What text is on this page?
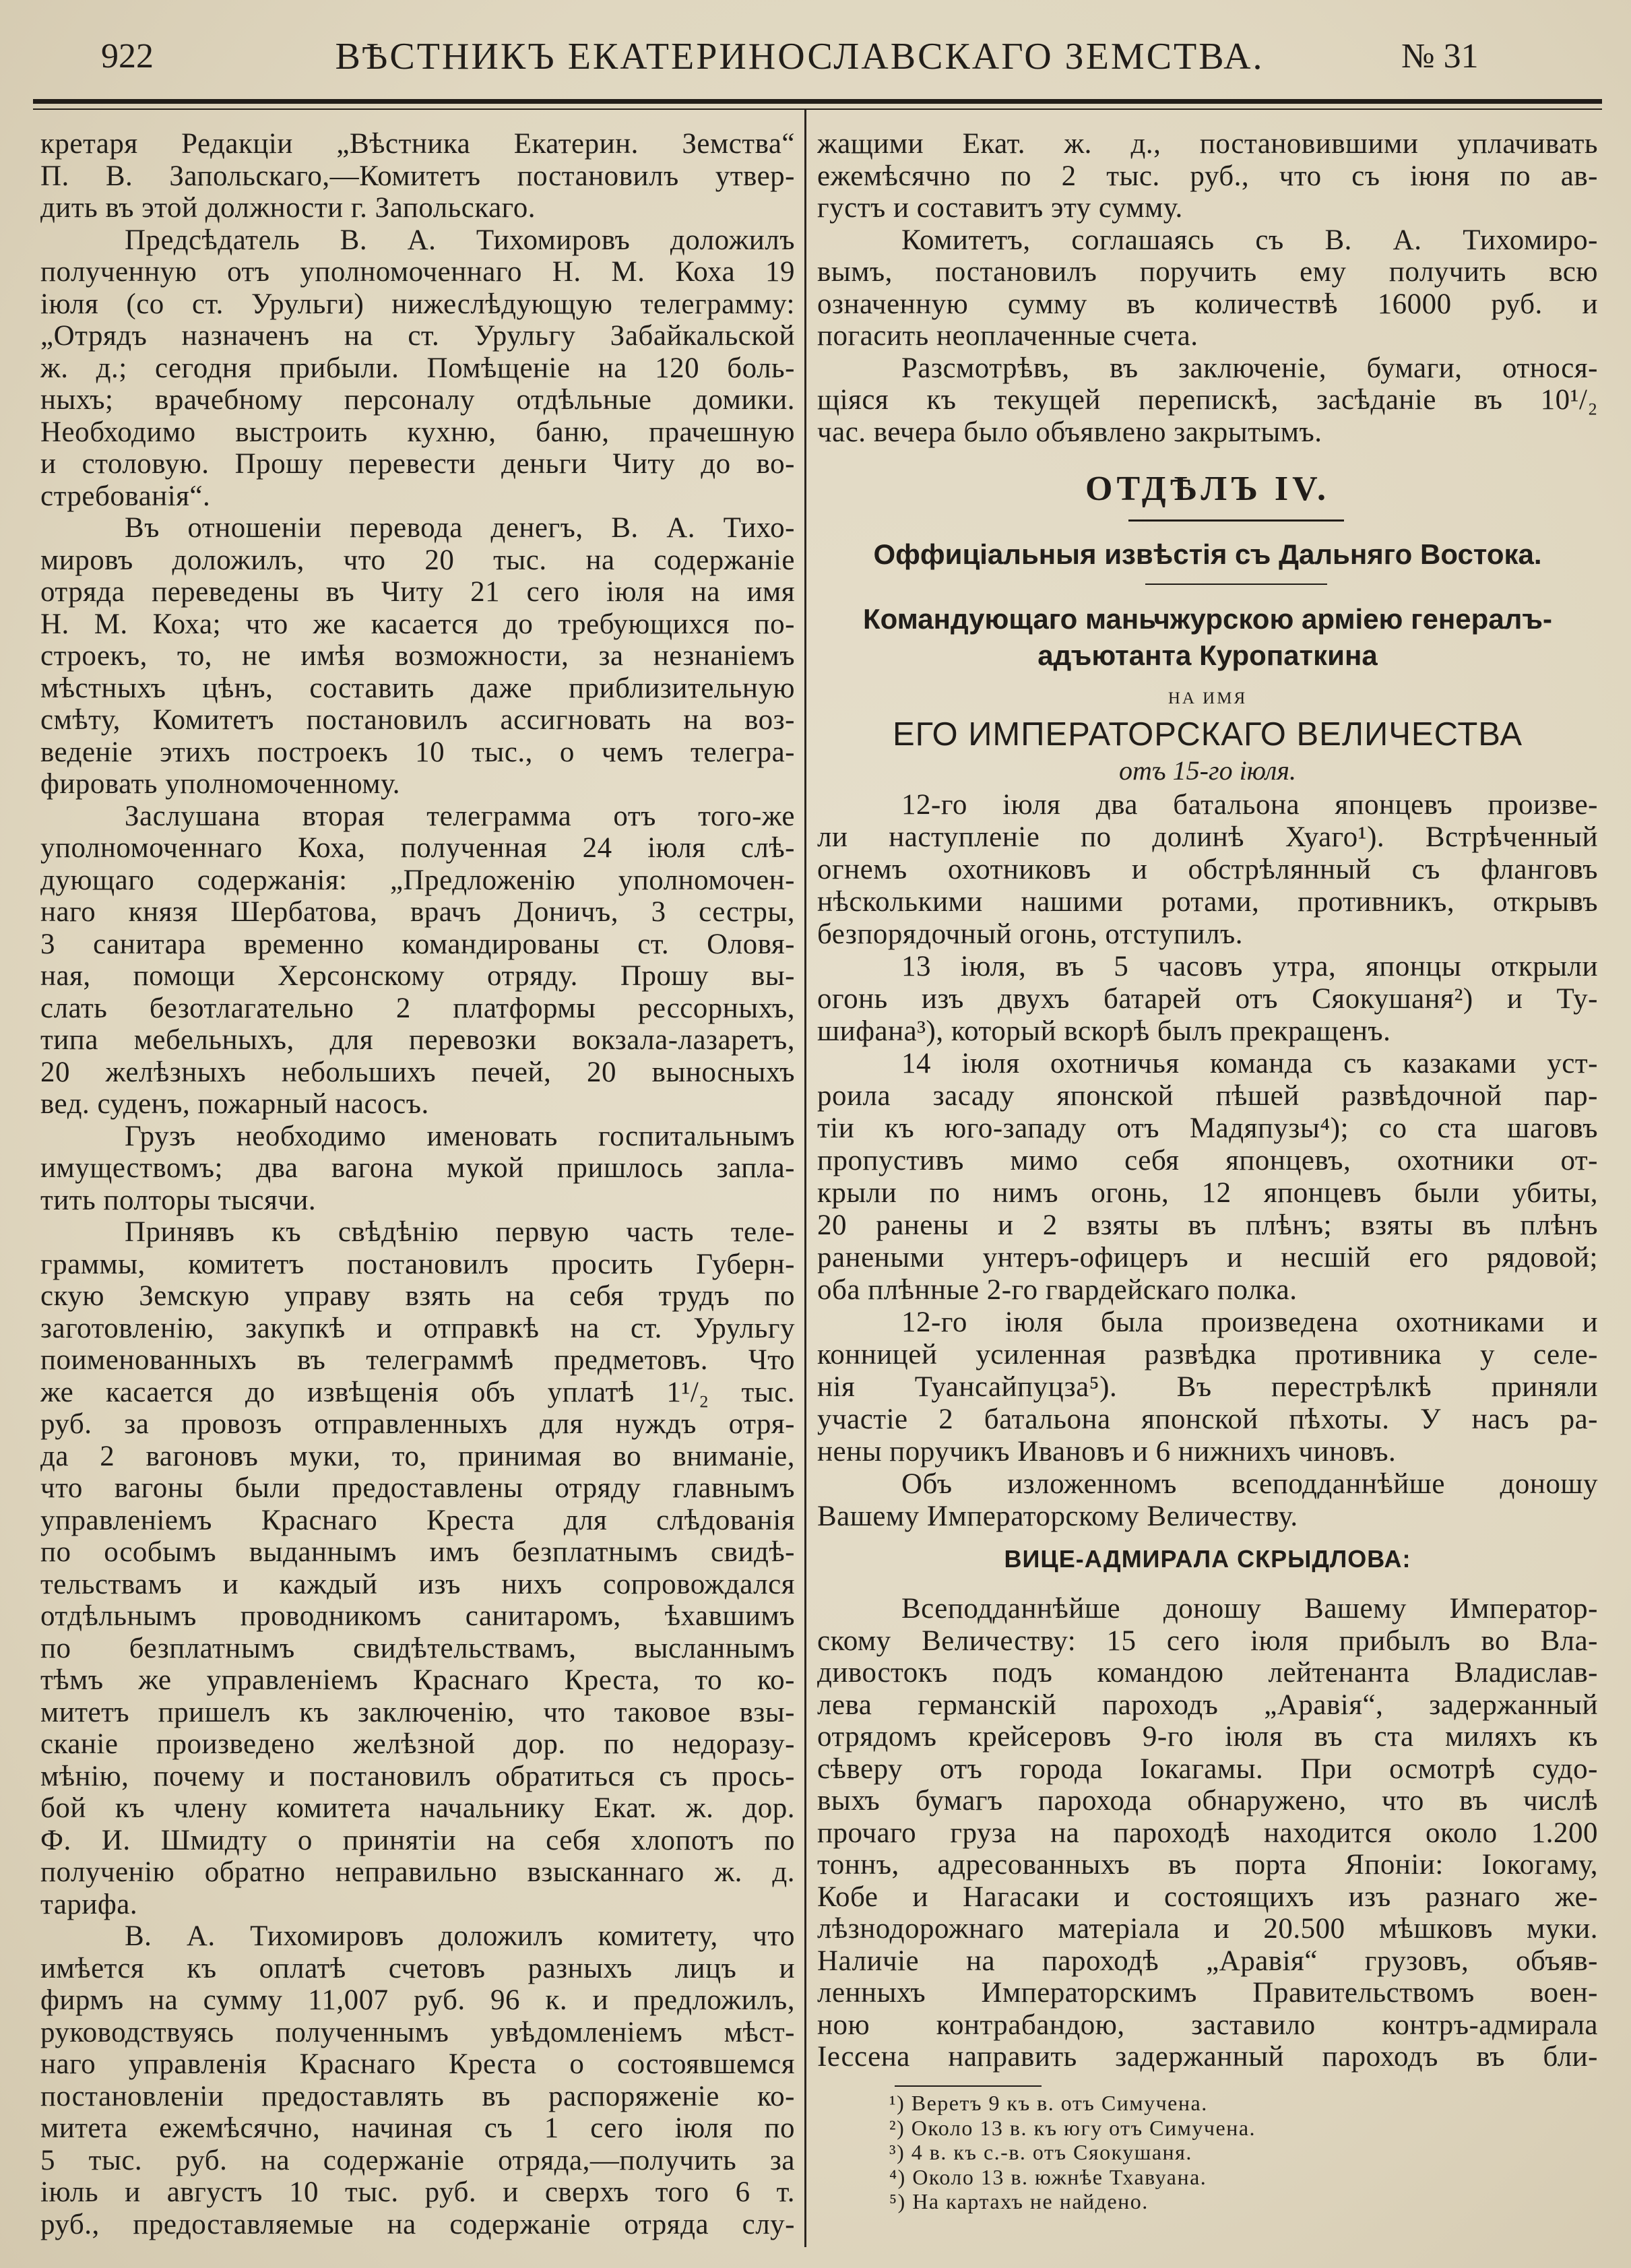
922	ВѢСТНИКЪ ЕКАТЕРИНОСЛАВСКАГО ЗЕМСТВА.	№ 31
кретаря Редакціи „Вѣстника Екатерин. Земства“
П. В. Запольскаго,—Комитетъ постановилъ утвер-
дить въ этой должности г. Запольскаго.
Предсѣдатель В. А. Тихомировъ доложилъ
полученную отъ уполномоченнаго Н. М. Коха 19
іюля (со ст. Урульги) нижеслѣдующую телеграмму:
„Отрядъ назначенъ на ст. Урульгу Забайкальской
ж. д.; сегодня прибыли. Помѣщеніе на 120 боль-
ныхъ; врачебному персоналу отдѣльные домики.
Необходимо выстроить кухню, баню, прачешную
и столовую. Прошу перевести деньги Читу до во-
стребованія“.
Въ отношеніи перевода денегъ, В. А. Тихо-
мировъ доложилъ, что 20 тыс. на содержаніе
отряда переведены въ Читу 21 сего іюля на имя
Н. М. Коха; что же касается до требующихся по-
строекъ, то, не имѣя возможности, за незнаніемъ
мѣстныхъ цѣнъ, составить даже приблизительную
смѣту, Комитетъ постановилъ ассигновать на воз-
веденіе этихъ построекъ 10 тыс., о чемъ телегра-
фировать уполномоченному.
Заслушана вторая телеграмма отъ того-же
уполномоченнаго Коха, полученная 24 іюля слѣ-
дующаго содержанія: „Предложенію уполномочен-
наго князя Шербатова, врачъ Доничъ, 3 сестры,
3 санитара временно командированы ст. Оловя-
ная, помощи Херсонскому отряду. Прошу вы-
слать безотлагательно 2 платформы рессорныхъ,
типа мебельныхъ, для перевозки вокзала-лазаретъ,
20 желѣзныхъ небольшихъ печей, 20 выносныхъ
вед. суденъ, пожарный насосъ.
Грузъ необходимо именовать госпитальнымъ
имуществомъ; два вагона мукой пришлось запла-
тить полторы тысячи.
Принявъ къ свѣдѣнію первую часть теле-
граммы, комитетъ постановилъ просить Губерн-
скую Земскую управу взять на себя трудъ по
заготовленію, закупкѣ и отправкѣ на ст. Урульгу
поименованныхъ въ телеграммѣ предметовъ. Что
же касается до извѣщенія объ уплатѣ 1¹/₂ тыс.
руб. за провозъ отправленныхъ для нуждъ отря-
да 2 вагоновъ муки, то, принимая во вниманіе,
что вагоны были предоставлены отряду главнымъ
управленіемъ Краснаго Креста для слѣдованія
по особымъ выданнымъ имъ безплатнымъ свидѣ-
тельствамъ и каждый изъ нихъ сопровождался
отдѣльнымъ проводникомъ санитаромъ, ѣхавшимъ
по безплатнымъ свидѣтельствамъ, высланнымъ
тѣмъ же управленіемъ Краснаго Креста, то ко-
митетъ пришелъ къ заключенію, что таковое взы-
сканіе произведено желѣзной дор. по недоразу-
мѣнію, почему и постановилъ обратиться съ прось-
бой къ члену комитета начальнику Екат. ж. дор.
Ф. И. Шмидту о принятіи на себя хлопотъ по
полученію обратно неправильно взысканнаго ж. д.
тарифа.
В. А. Тихомировъ доложилъ комитету, что
имѣется къ оплатѣ счетовъ разныхъ лицъ и
фирмъ на сумму 11,007 руб. 96 к. и предложилъ,
руководствуясь полученнымъ увѣдомленіемъ мѣст-
наго управленія Краснаго Креста о состоявшемся
постановленіи предоставлять въ распоряженіе ко-
митета ежемѣсячно, начиная съ 1 сего іюля по
5 тыс. руб. на содержаніе отряда,—получить за
іюль и августъ 10 тыс. руб. и сверхъ того 6 т.
руб., предоставляемые на содержаніе отряда слу-
жащими Екат. ж. д., постановившими уплачивать
ежемѣсячно по 2 тыс. руб., что съ іюня по ав-
густъ и составитъ эту сумму.
Комитетъ, соглашаясь съ В. А. Тихомиро-
вымъ, постановилъ поручить ему получить всю
означенную сумму въ количествѣ 16000 руб. и
погасить неоплаченные счета.
Разсмотрѣвъ, въ заключеніе, бумаги, относя-
щіяся къ текущей перепискѣ, засѣданіе въ 10¹/₂
час. вечера было объявлено закрытымъ.
ОТДѢЛЪ IV.
Оффиціальныя извѣстія съ Дальняго Востока.
Командующаго маньчжурскою арміею генералъ-
адъютанта Куропаткина
НА ИМЯ
ЕГО ИМПЕРАТОРСКАГО ВЕЛИЧЕСТВА
отъ 15-го іюля.
12-го іюля два батальона японцевъ произве-
ли наступленіе по долинѣ Хуаго¹). Встрѣченный
огнемъ охотниковъ и обстрѣлянный съ фланговъ
нѣсколькими нашими ротами, противникъ, открывъ
безпорядочный огонь, отступилъ.
13 іюля, въ 5 часовъ утра, японцы открыли
огонь изъ двухъ батарей отъ Сяокушаня²) и Ту-
шифана³), который вскорѣ былъ прекращенъ.
14 іюля охотничья команда съ казаками уст-
роила засаду японской пѣшей развѣдочной пар-
тіи къ юго-западу отъ Мадяпузы⁴); со ста шаговъ
пропустивъ мимо себя японцевъ, охотники от-
крыли по нимъ огонь, 12 японцевъ были убиты,
20 ранены и 2 взяты въ плѣнъ; взяты въ плѣнъ
ранеными унтеръ-офицеръ и несшій его рядовой;
оба плѣнные 2-го гвардейскаго полка.
12-го іюля была произведена охотниками и
конницей усиленная развѣдка противника у селе-
нія Туансайпуцза⁵). Въ перестрѣлкѣ приняли
участіе 2 батальона японской пѣхоты. У насъ ра-
нены поручикъ Ивановъ и 6 нижнихъ чиновъ.
Объ изложенномъ всеподданнѣйше доношу
Вашему Императорскому Величеству.
ВИЦЕ-АДМИРАЛА СКРЫДЛОВА:
Всеподданнѣйше доношу Вашему Император-
скому Величеству: 15 сего іюля прибылъ во Вла-
дивостокъ подъ командою лейтенанта Владислав-
лева германскій пароходъ „Аравія“, задержанный
отрядомъ крейсеровъ 9-го іюля въ ста миляхъ къ
сѣверу отъ города Іокагамы. При осмотрѣ судо-
выхъ бумагъ парохода обнаружено, что въ числѣ
прочаго груза на пароходѣ находится около 1.200
тоннъ, адресованныхъ въ порта Японіи: Іокогаму,
Кобе и Нагасаки и состоящихъ изъ разнаго же-
лѣзнодорожнаго матеріала и 20.500 мѣшковъ муки.
Наличіе на пароходѣ „Аравія“ грузовъ, объяв-
ленныхъ Императорскимъ Правительствомъ воен-
ною контрабандою, заставило контръ-адмирала
Іессена направить задержанный пароходъ въ бли-
¹) Веретъ 9 къ в. отъ Симучена.
²) Около 13 в. къ югу отъ Симучена.
³) 4 в. къ с.-в. отъ Сяокушаня.
⁴) Около 13 в. южнѣе Тхавуана.
⁵) На картахъ не найдено.
